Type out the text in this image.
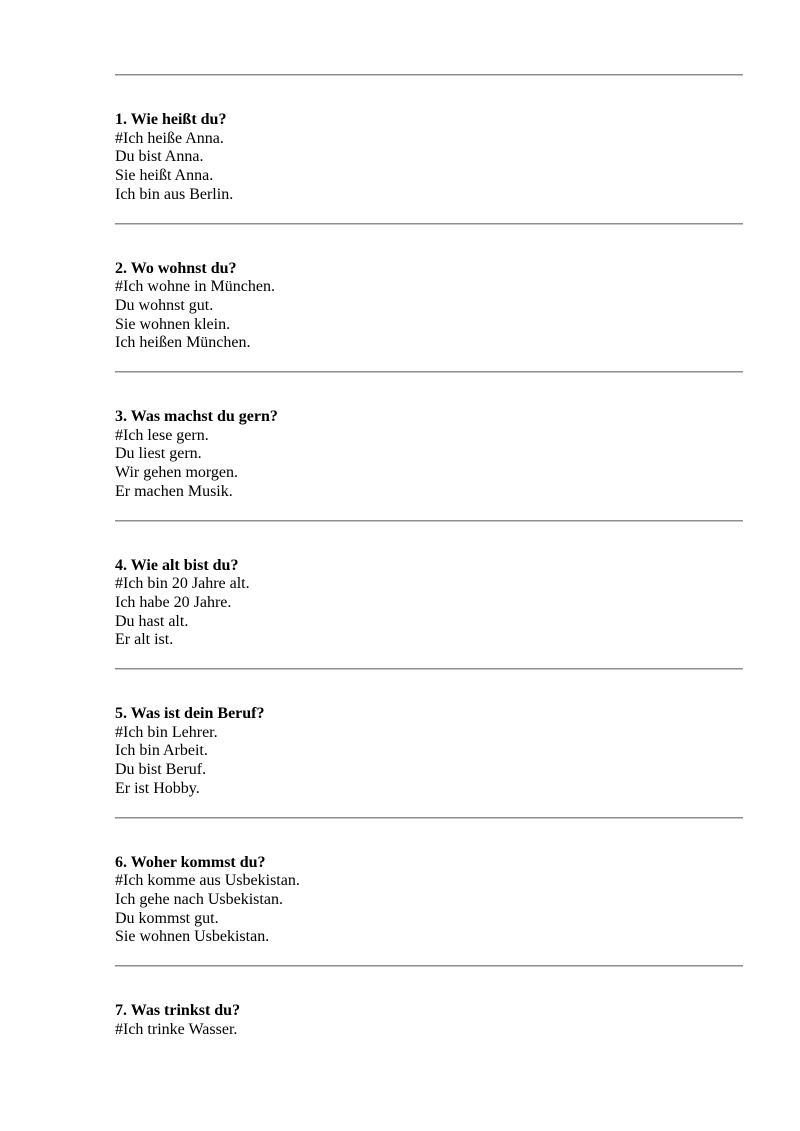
1. Wie heißt du?

#Ich heiße Anna.

Du bist Anna.

Sie heißt Anna.

Ich bin aus Berlin.

2. Wo wohnst du?

#Ich wohne in München.

Du wohnst gut.

Sie wohnen klein.

Ich heißen München.

3. Was machst du gern?

#Ich lese gern.

Du liest gern.

Wir gehen morgen.

Er machen Musik.

4. Wie alt bist du?

#Ich bin 20 Jahre alt.

Ich habe 20 Jahre.

Du hast alt.

Er alt ist.

5. Was ist dein Beruf?

#Ich bin Lehrer.

Ich bin Arbeit.

Du bist Beruf.

Er ist Hobby.

6. Woher kommst du?

#Ich komme aus Usbekistan.

Ich gehe nach Usbekistan.

Du kommst gut.

Sie wohnen Usbekistan.

7. Was trinkst du?

#Ich trinke Wasser.
